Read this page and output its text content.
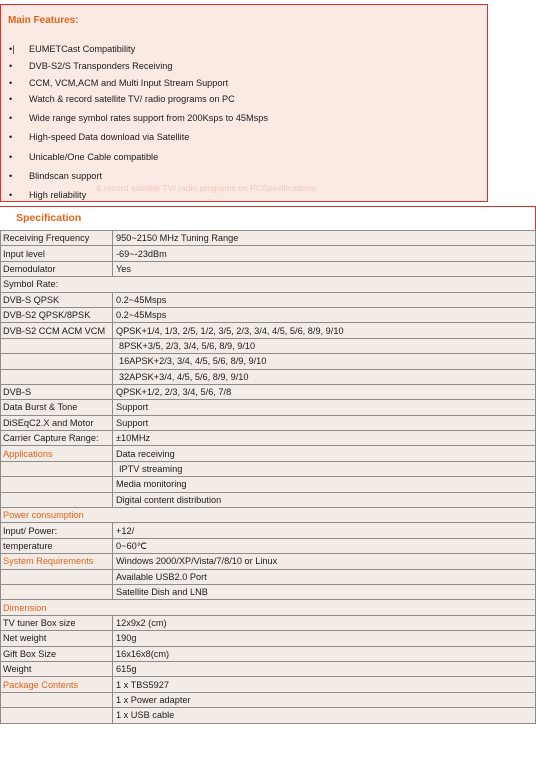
Main Features:
•| EUMETCast Compatibility
• DVB-S2/S Transponders Receiving
• CCM, VCM,ACM and Multi Input Stream Support
• Watch & record satellite TV/ radio programs on PC
• Wide range symbol rates support from 200Ksps to 45Msps
• High-speed Data download via Satellite
• Unicable/One Cable compatible
• Blindscan support
• High reliability
& record satellite TV/ radio programs on PCSpecifications:
Specification
Receiving Frequency	950~2150 MHz Tuning Range
Input level	-69~-23dBm
Demodulator	Yes
Symbol Rate:	
DVB-S QPSK	0.2~45Msps
DVB-S2 QPSK/8PSK	0.2~45Msps
DVB-S2 CCM ACM VCM	QPSK+1/4, 1/3, 2/5, 1/2, 3/5, 2/3, 3/4, 4/5, 5/6, 8/9, 9/10
	8PSK+3/5, 2/3, 3/4, 5/6, 8/9, 9/10
	16APSK+2/3, 3/4, 4/5, 5/6, 8/9, 9/10
	32APSK+3/4, 4/5, 5/6, 8/9, 9/10
DVB-S	QPSK+1/2, 2/3, 3/4, 5/6, 7/8
Data Burst & Tone	Support
DiSEqC2.X and Motor	Support
Carrier Capture Range:	±10MHz
Applications	Data receiving
	IPTV streaming
	Media monitoring
	Digital content distribution
Power consumption	
Input/ Power:	+12/
temperature	0~60℃
System Requirements	Windows 2000/XP/Vista/7/8/10 or Linux
	Available USB2.0 Port
	Satellite Dish and LNB
Dimension	
TV tuner Box size	12x9x2 (cm)
Net weight	190g
Gift Box Size	16x16x8(cm)
Weight	615g
Package Contents	1 x TBS5927
	1 x Power adapter
	1 x USB cable
